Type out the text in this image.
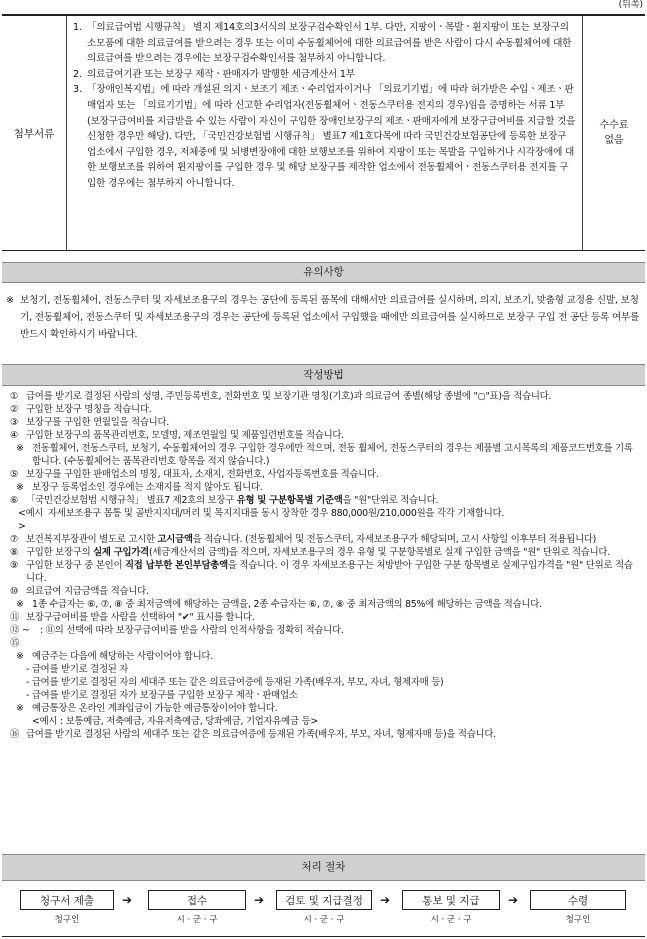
(뒤쪽)
첨부서류
1. 「의료급여법 시행규칙」 별지 제14호의3서식의 보장구검수확인서 1부. 다만, 지팡이ㆍ목발ㆍ휜지팡이 또는 보장구의 소모품에 대한 의료급여를 받으려는 경우 또는 이미 수동휠체어에 대한 의료급여를 받은 사람이 다시 수동휠체어에 대한 의료급여를 받으려는 경우에는 보장구검수확인서를 첨부하지 아니합니다.
2. 의료급여기관 또는 보장구 제작ㆍ판매자가 발행한 세금계산서 1부
3. 「장애인복지법」에 따라 개설된 의지ㆍ보조기 제조ㆍ수리업자이거나 「의료기기법」에 따라 허가받은 수입ㆍ제조ㆍ판매업자 또는 「의료기기법」에 따라 신고한 수리업자(전동휠체어ㆍ전동스쿠터용 전지의 경우)임을 증명하는 서류 1부(보장구급여비를 지급받을 수 있는 사람이 자신이 구입한 장애인보장구의 제조ㆍ판매자에게 보장구급여비를 지급할 것을 신청한 경우만 해당). 다만, 「국민건강보험법 시행규칙」 별표7 제1호다목에 따라 국민건강보험공단에 등록한 보장구 업소에서 구입한 경우, 저체중에 및 뇌병변장애에 대한 보행보조를 위하여 지팡이 또는 목발을 구입하거나 시각장애에 대한 보행보조를 위하여 휜지팡이를 구입한 경우 및 해당 보장구를 제작한 업소에서 전동휠체어ㆍ전동스쿠터용 전지를 구입한 경우에는 첨부하지 아니합니다.
수수료
없음
유의사항
※ 보청기, 전동휠체어, 전동스쿠터 및 자세보조용구의 경우는 공단에 등록된 품목에 대해서만 의료급여를 실시하며, 의지, 보조기, 맞춤형 교정용 신발, 보청기, 전동휠체어, 전동스쿠터 및 자세보조용구의 경우는 공단에 등록된 업소에서 구입했을 때에만 의료급여를 실시하므로 보장구 구입 전 공단 등록 여부를 반드시 확인하시기 바랍니다.
작성방법
① 급여를 받기로 결정된 사람의 성명, 주민등록번호, 전화번호 및 보장기관 명칭(기호)과 의료급여 종별(해당 종별에 "○"표)을 적습니다.
② 구입한 보장구 명칭을 적습니다.
③ 보장구를 구입한 연월일을 적습니다.
④ 구입한 보장구의 품목관리번호, 모델명, 제조연월일 및 제품일련번호를 적습니다.
※ 전동휠체어, 전동스쿠터, 보청기, 수동휠체어의 경우 구입한 경우에만 적으며, 전동 휠체어, 전동스쿠터의 경우는 제품별 고시목록의 제품코드번호를 기록합니다. (수동휠체어는 품목관리번호 항목을 적지 않습니다.)
⑤ 보장구를 구입한 판매업소의 명칭, 대표자, 소재지, 전화번호, 사업자등록번호를 적습니다.
※ 보장구 등록업소인 경우에는 소재지를 적지 않아도 됩니다.
⑥ 「국민건강보험법 시행규칙」 별표7 제2호의 보장구 유형 및 구분항목별 기준액을 "원"단위로 적습니다.
<예시>
자세보조용구 몸통 및 골반지지대/머리 및 목지지대를 동시 장착한 경우 880,000원/210,000원을 각각 기재합니다.
⑦ 보건복지부장관이 별도로 고시한 고시금액을 적습니다. (전동휠체어 및 전동스쿠터, 자세보조용구가 해당되며, 고시 사항일 이후부터 적용됩니다)
⑧ 구입한 보장구의 실제 구입가격(세금계산서의 금액)을 적으며, 자세보조용구의 경우 유형 및 구분항목별로 실제 구입한 금액을 "원" 단위로 적습니다.
⑨ 구입한 보장구 중 본인이 직접 납부한 본인부담총액을 적습니다. 이 경우 자세보조용구는 처방받아 구입한 구분 항목별로 실제구입가격을 "원" 단위로 적습니다.
⑩ 의료급여 지급금액을 적습니다.
※ 1종 수급자는 ⑥, ⑦, ⑧ 중 최저금액에 해당하는 금액을, 2종 수급자는 ⑥, ⑦, ⑧ 중 최저금액의 85%에 해당하는 금액을 적습니다.
⑪ 보장구급여비를 받을 사람을 선택하여 "✔" 표시를 합니다.
⑫ ~ ⑮
: ⑪의 선택에 따라 보장구급여비를 받을 사람의 인적사항을 정확히 적습니다.
※ 예금주는 다음에 해당하는 사람이어야 합니다.
- 급여를 받기로 결정된 자
- 급여를 받기로 결정된 자의 세대주 또는 같은 의료급여증에 등재된 가족(배우자, 부모, 자녀, 형제자매 등)
- 급여를 받기로 결정된 자가 보장구를 구입한 보장구 제작ㆍ판매업소
※ 예금통장은 온라인 계좌입금이 가능한 예금통장이어야 합니다.
<예시 : 보통예금, 저축예금, 자유저축예금, 당좌예금, 기업자유예금 등>
⑯ 급여를 받기로 결정된 사람의 세대주 또는 같은 의료급여증에 등재된 가족(배우자, 부모, 자녀, 형제자매 등)을 적습니다.
처리 절차
청구서 제출
청구인
➔	접수
시 · 군 · 구
➔	검토 및 지급결정
시 · 군 · 구
➔	통보 및 지급
시 · 군 · 구
➔	수령
청구인
